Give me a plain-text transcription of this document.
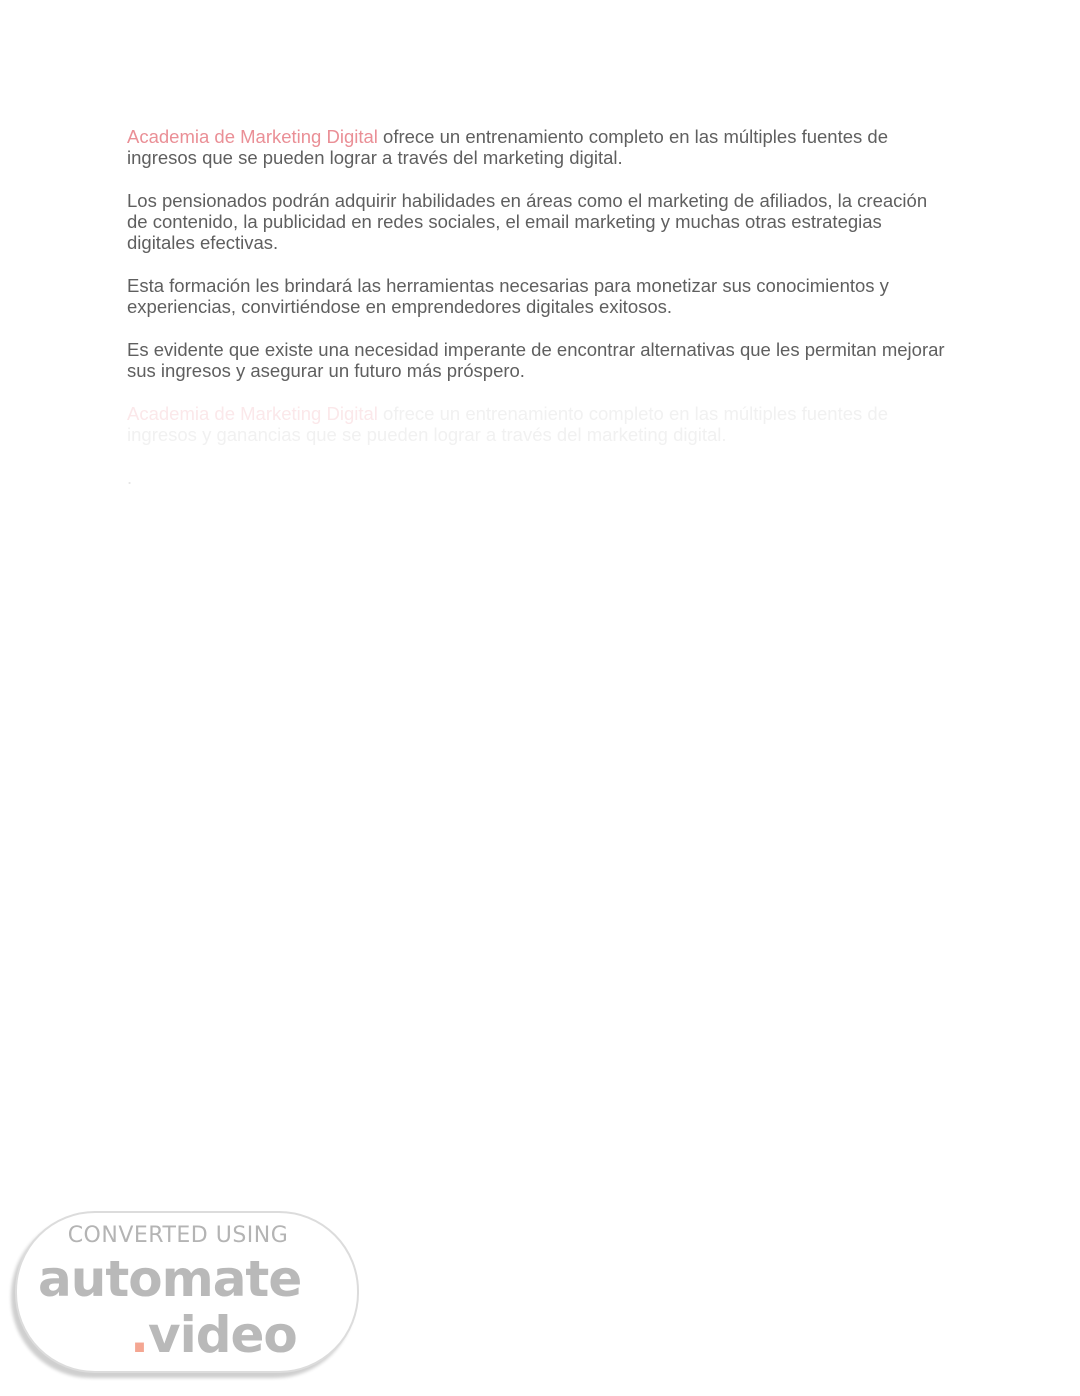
Academia de Marketing Digital ofrece un entrenamiento completo en las múltiples fuentes de ingresos que se pueden lograr a través del marketing digital.

Los pensionados podrán adquirir habilidades en áreas como el marketing de afiliados, la creación de contenido, la publicidad en redes sociales, el email marketing y muchas otras estrategias digitales efectivas.

Esta formación les brindará las herramientas necesarias para monetizar sus conocimientos y experiencias, convirtiéndose en emprendedores digitales exitosos.

Es evidente que existe una necesidad imperante de encontrar alternativas que les permitan mejorar sus ingresos y asegurar un futuro más próspero.

Academia de Marketing Digital ofrece un entrenamiento completo en las múltiples fuentes de ingresos y ganancias que se pueden lograr a través del marketing digital.

.

CONVERTED USING
automate
.video
